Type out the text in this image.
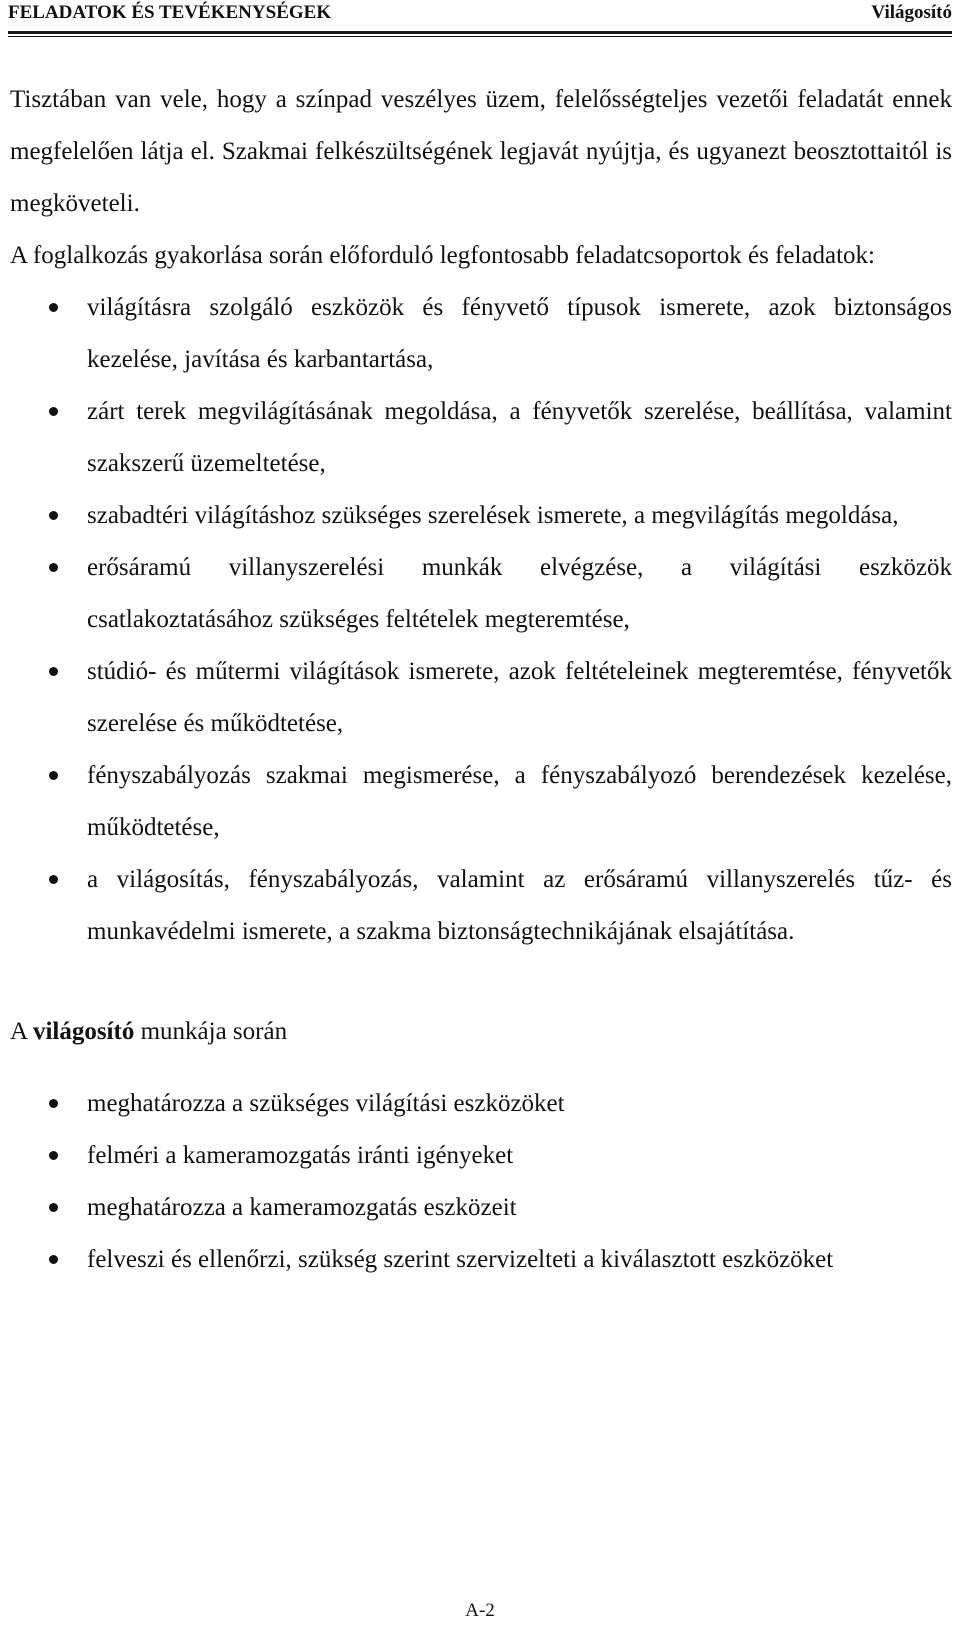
FELADATOK ÉS TEVÉKENYSÉGEK	Világosító

Tisztában van vele, hogy a színpad veszélyes üzem, felelősségteljes vezetői feladatát ennek megfelelően látja el. Szakmai felkészültségének legjavát nyújtja, és ugyanezt beosztottaitól is megköveteli.

A foglalkozás gyakorlása során előforduló legfontosabb feladatcsoportok és feladatok:

világításra szolgáló eszközök és fényvető típusok ismerete, azok biztonságos kezelése, javítása és karbantartása,
zárt terek megvilágításának megoldása, a fényvetők szerelése, beállítása, valamint szakszerű üzemeltetése,
szabadtéri világításhoz szükséges szerelések ismerete, a megvilágítás megoldása,
erősáramú villanyszerelési munkák elvégzése, a világítási eszközök csatlakoztatásához szükséges feltételek megteremtése,
stúdió- és műtermi világítások ismerete, azok feltételeinek megteremtése, fényvetők szerelése és működtetése,
fényszabályozás szakmai megismerése, a fényszabályozó berendezések kezelése, működtetése,
a világosítás, fényszabályozás, valamint az erősáramú villanyszerelés tűz- és munkavédelmi ismerete, a szakma biztonságtechnikájának elsajátítása.

A világosító munkája során

meghatározza a szükséges világítási eszközöket
felméri a kameramozgatás iránti igényeket
meghatározza a kameramozgatás eszközeit
felveszi és ellenőrzi, szükség szerint szervizelteti a kiválasztott eszközöket
A-2
